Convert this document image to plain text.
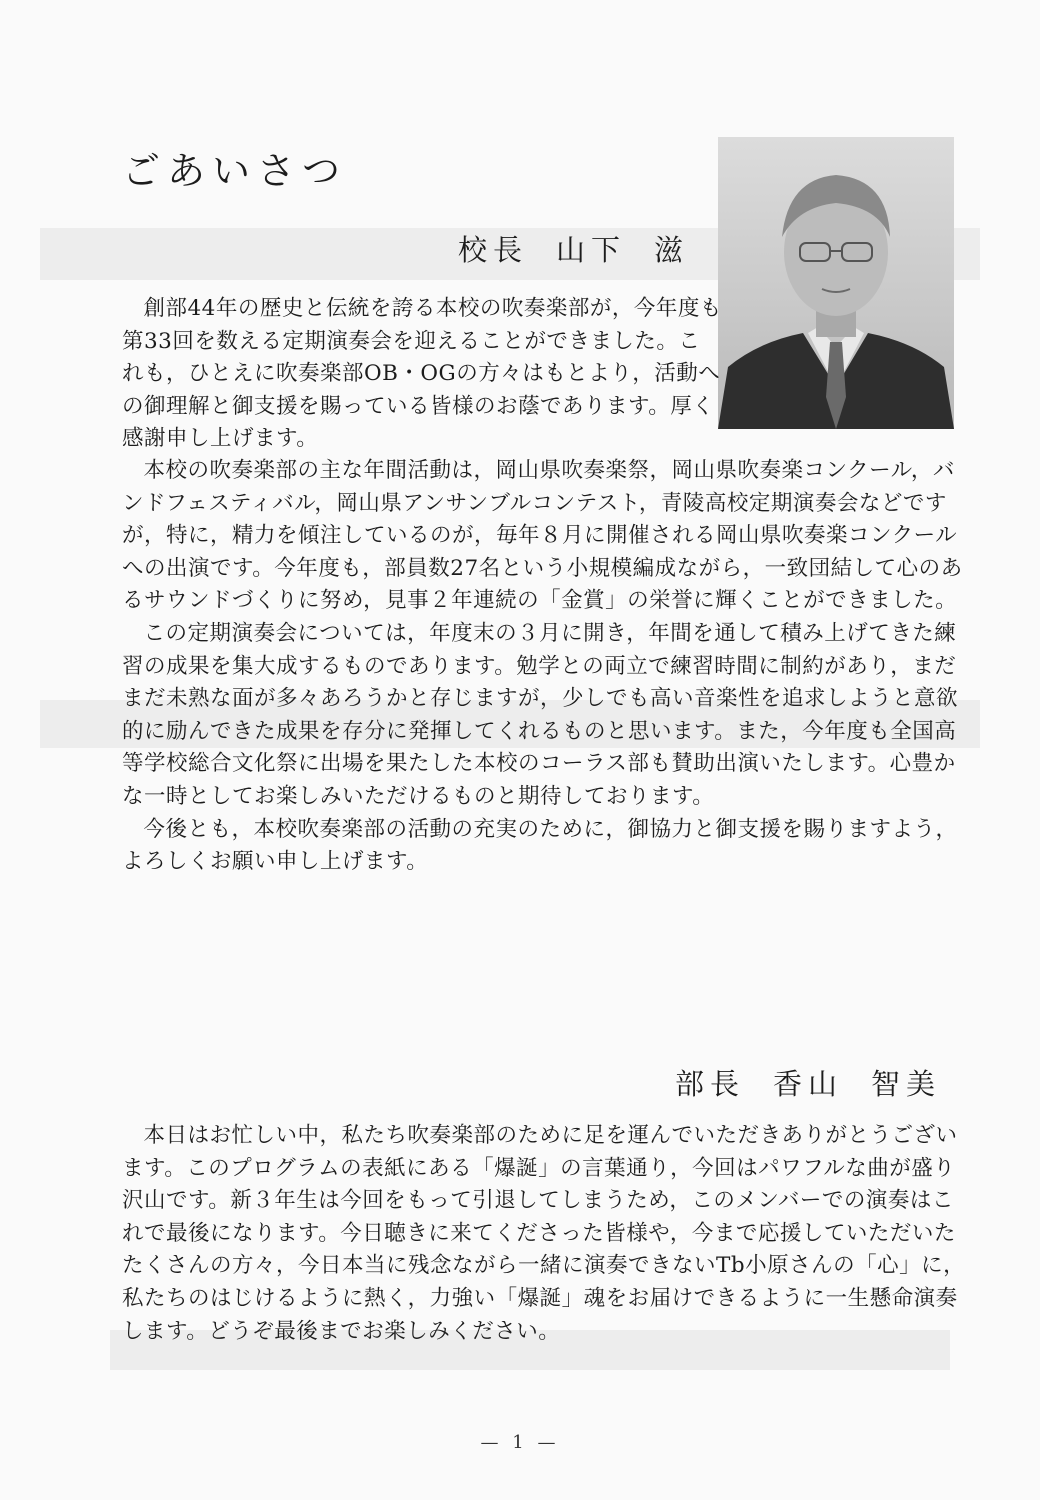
ごあいさつ
校長 山下 滋

創部44年の歴史と伝統を誇る本校の吹奏楽部が，今年度も第33回を数える定期演奏会を迎えることができました。これも，ひとえに吹奏楽部OB・OGの方々はもとより，活動への御理解と御支援を賜っている皆様のお蔭であります。厚く感謝申し上げます。

本校の吹奏楽部の主な年間活動は，岡山県吹奏楽祭，岡山県吹奏楽コンクール，バンドフェスティバル，岡山県アンサンブルコンテスト，青陵高校定期演奏会などですが，特に，精力を傾注しているのが，毎年８月に開催される岡山県吹奏楽コンクールへの出演です。今年度も，部員数27名という小規模編成ながら，一致団結して心のあるサウンドづくりに努め，見事２年連続の「金賞」の栄誉に輝くことができました。

この定期演奏会については，年度末の３月に開き，年間を通して積み上げてきた練習の成果を集大成するものであります。勉学との両立で練習時間に制約があり，まだまだ未熟な面が多々あろうかと存じますが，少しでも高い音楽性を追求しようと意欲的に励んできた成果を存分に発揮してくれるものと思います。また，今年度も全国高等学校総合文化祭に出場を果たした本校のコーラス部も賛助出演いたします。心豊かな一時としてお楽しみいただけるものと期待しております。

今後とも，本校吹奏楽部の活動の充実のために，御協力と御支援を賜りますよう，よろしくお願い申し上げます。

部長 香山 智美

本日はお忙しい中，私たち吹奏楽部のために足を運んでいただきありがとうございます。このプログラムの表紙にある「爆誕」の言葉通り，今回はパワフルな曲が盛り沢山です。新３年生は今回をもって引退してしまうため，このメンバーでの演奏はこれで最後になります。今日聴きに来てくださった皆様や，今まで応援していただいたたくさんの方々，今日本当に残念ながら一緒に演奏できないTb小原さんの「心」に，私たちのはじけるように熱く，力強い「爆誕」魂をお届けできるように一生懸命演奏します。どうぞ最後までお楽しみください。

— 1 —
